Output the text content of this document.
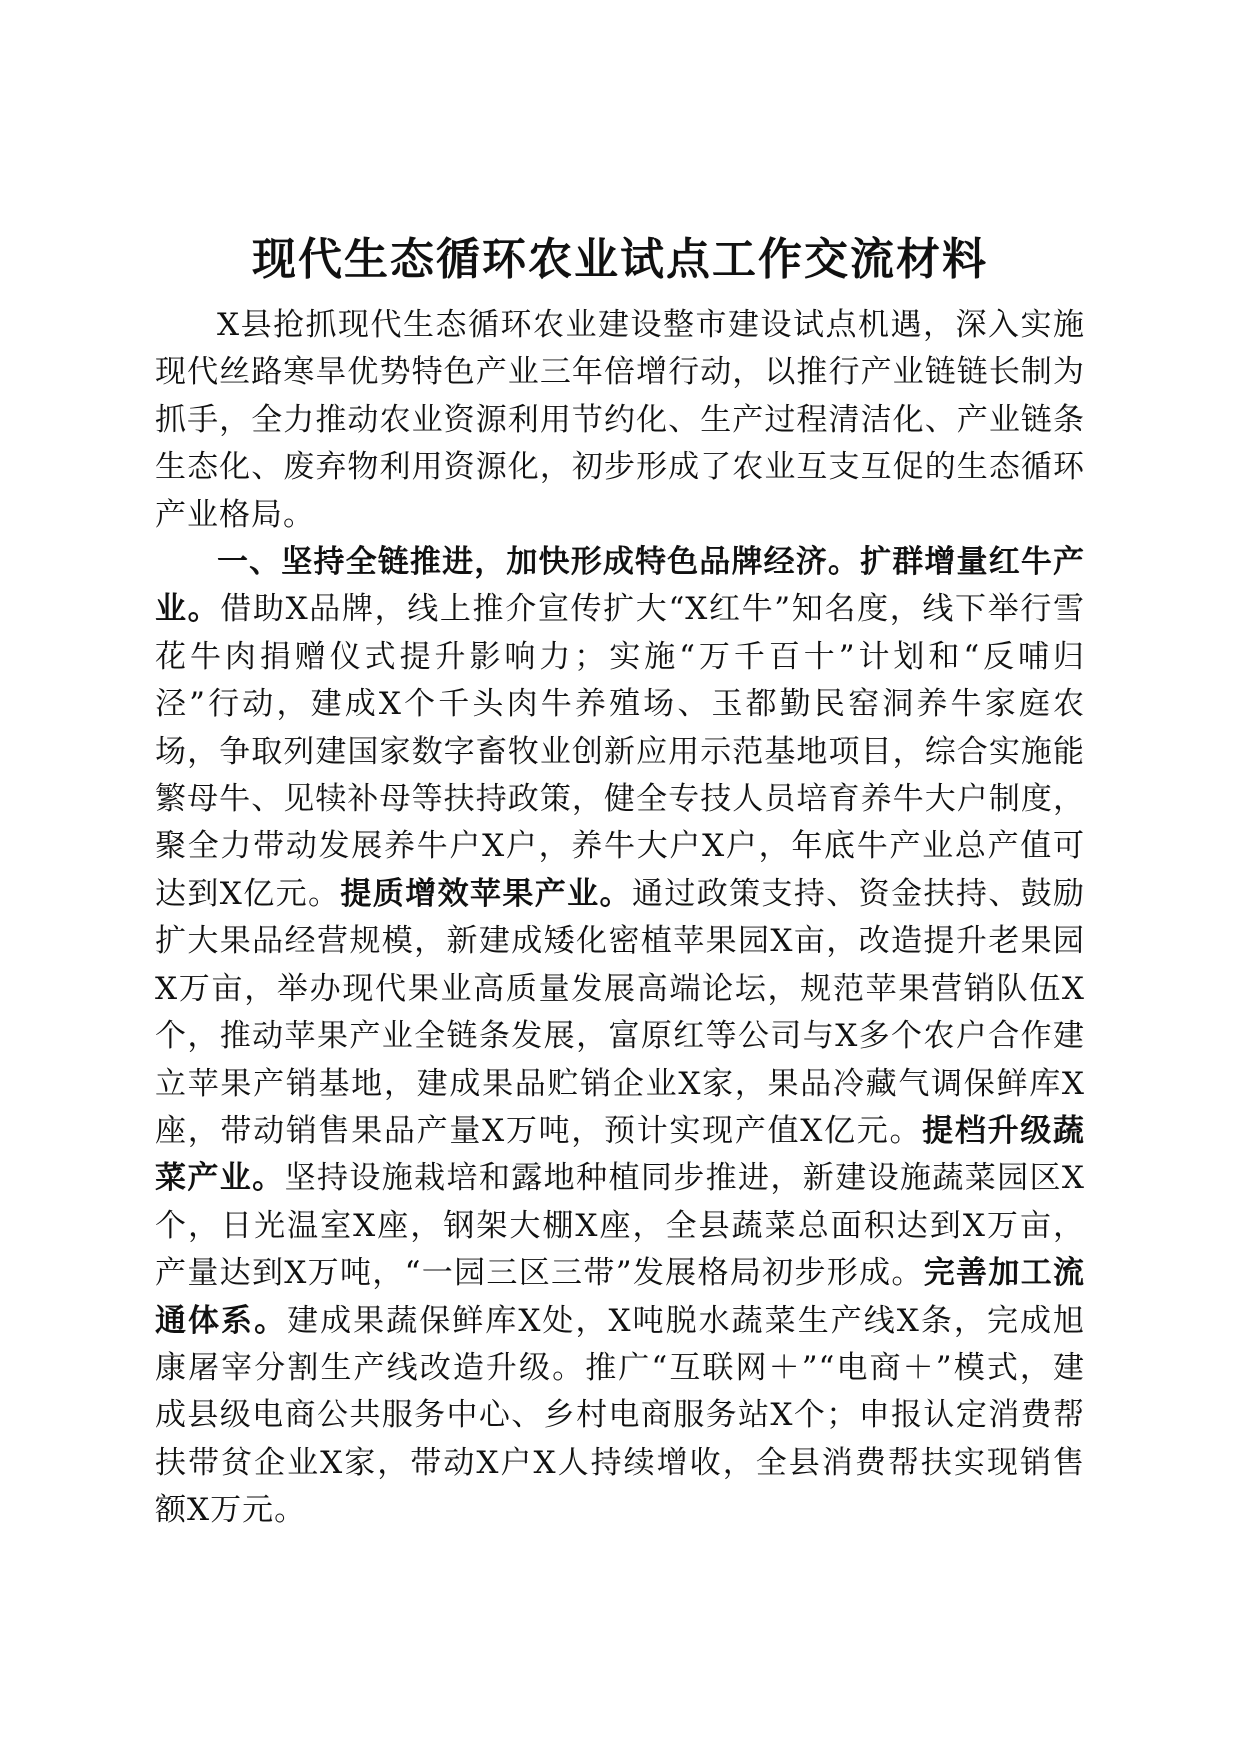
现代生态循环农业试点工作交流材料

X县抢抓现代生态循环农业建设整市建设试点机遇，深入实施现代丝路寒旱优势特色产业三年倍增行动，以推行产业链链长制为抓手，全力推动农业资源利用节约化、生产过程清洁化、产业链条生态化、废弃物利用资源化，初步形成了农业互支互促的生态循环产业格局。

一、坚持全链推进，加快形成特色品牌经济。扩群增量红牛产业。借助X品牌，线上推介宣传扩大“X红牛”知名度，线下举行雪花牛肉捐赠仪式提升影响力；实施“万千百十”计划和“反哺归泾”行动，建成X个千头肉牛养殖场、玉都勤民窑洞养牛家庭农场，争取列建国家数字畜牧业创新应用示范基地项目，综合实施能繁母牛、见犊补母等扶持政策，健全专技人员培育养牛大户制度，聚全力带动发展养牛户X户，养牛大户X户，年底牛产业总产值可达到X亿元。提质增效苹果产业。通过政策支持、资金扶持、鼓励扩大果品经营规模，新建成矮化密植苹果园X亩，改造提升老果园X万亩，举办现代果业高质量发展高端论坛，规范苹果营销队伍X个，推动苹果产业全链条发展，富原红等公司与X多个农户合作建立苹果产销基地，建成果品贮销企业X家，果品冷藏气调保鲜库X座，带动销售果品产量X万吨，预计实现产值X亿元。提档升级蔬菜产业。坚持设施栽培和露地种植同步推进，新建设施蔬菜园区X个，日光温室X座，钢架大棚X座，全县蔬菜总面积达到X万亩，产量达到X万吨，“一园三区三带”发展格局初步形成。完善加工流通体系。建成果蔬保鲜库X处，X吨脱水蔬菜生产线X条，完成旭康屠宰分割生产线改造升级。推广“互联网＋”“电商＋”模式，建成县级电商公共服务中心、乡村电商服务站X个；申报认定消费帮扶带贫企业X家，带动X户X人持续增收，全县消费帮扶实现销售额X万元。
